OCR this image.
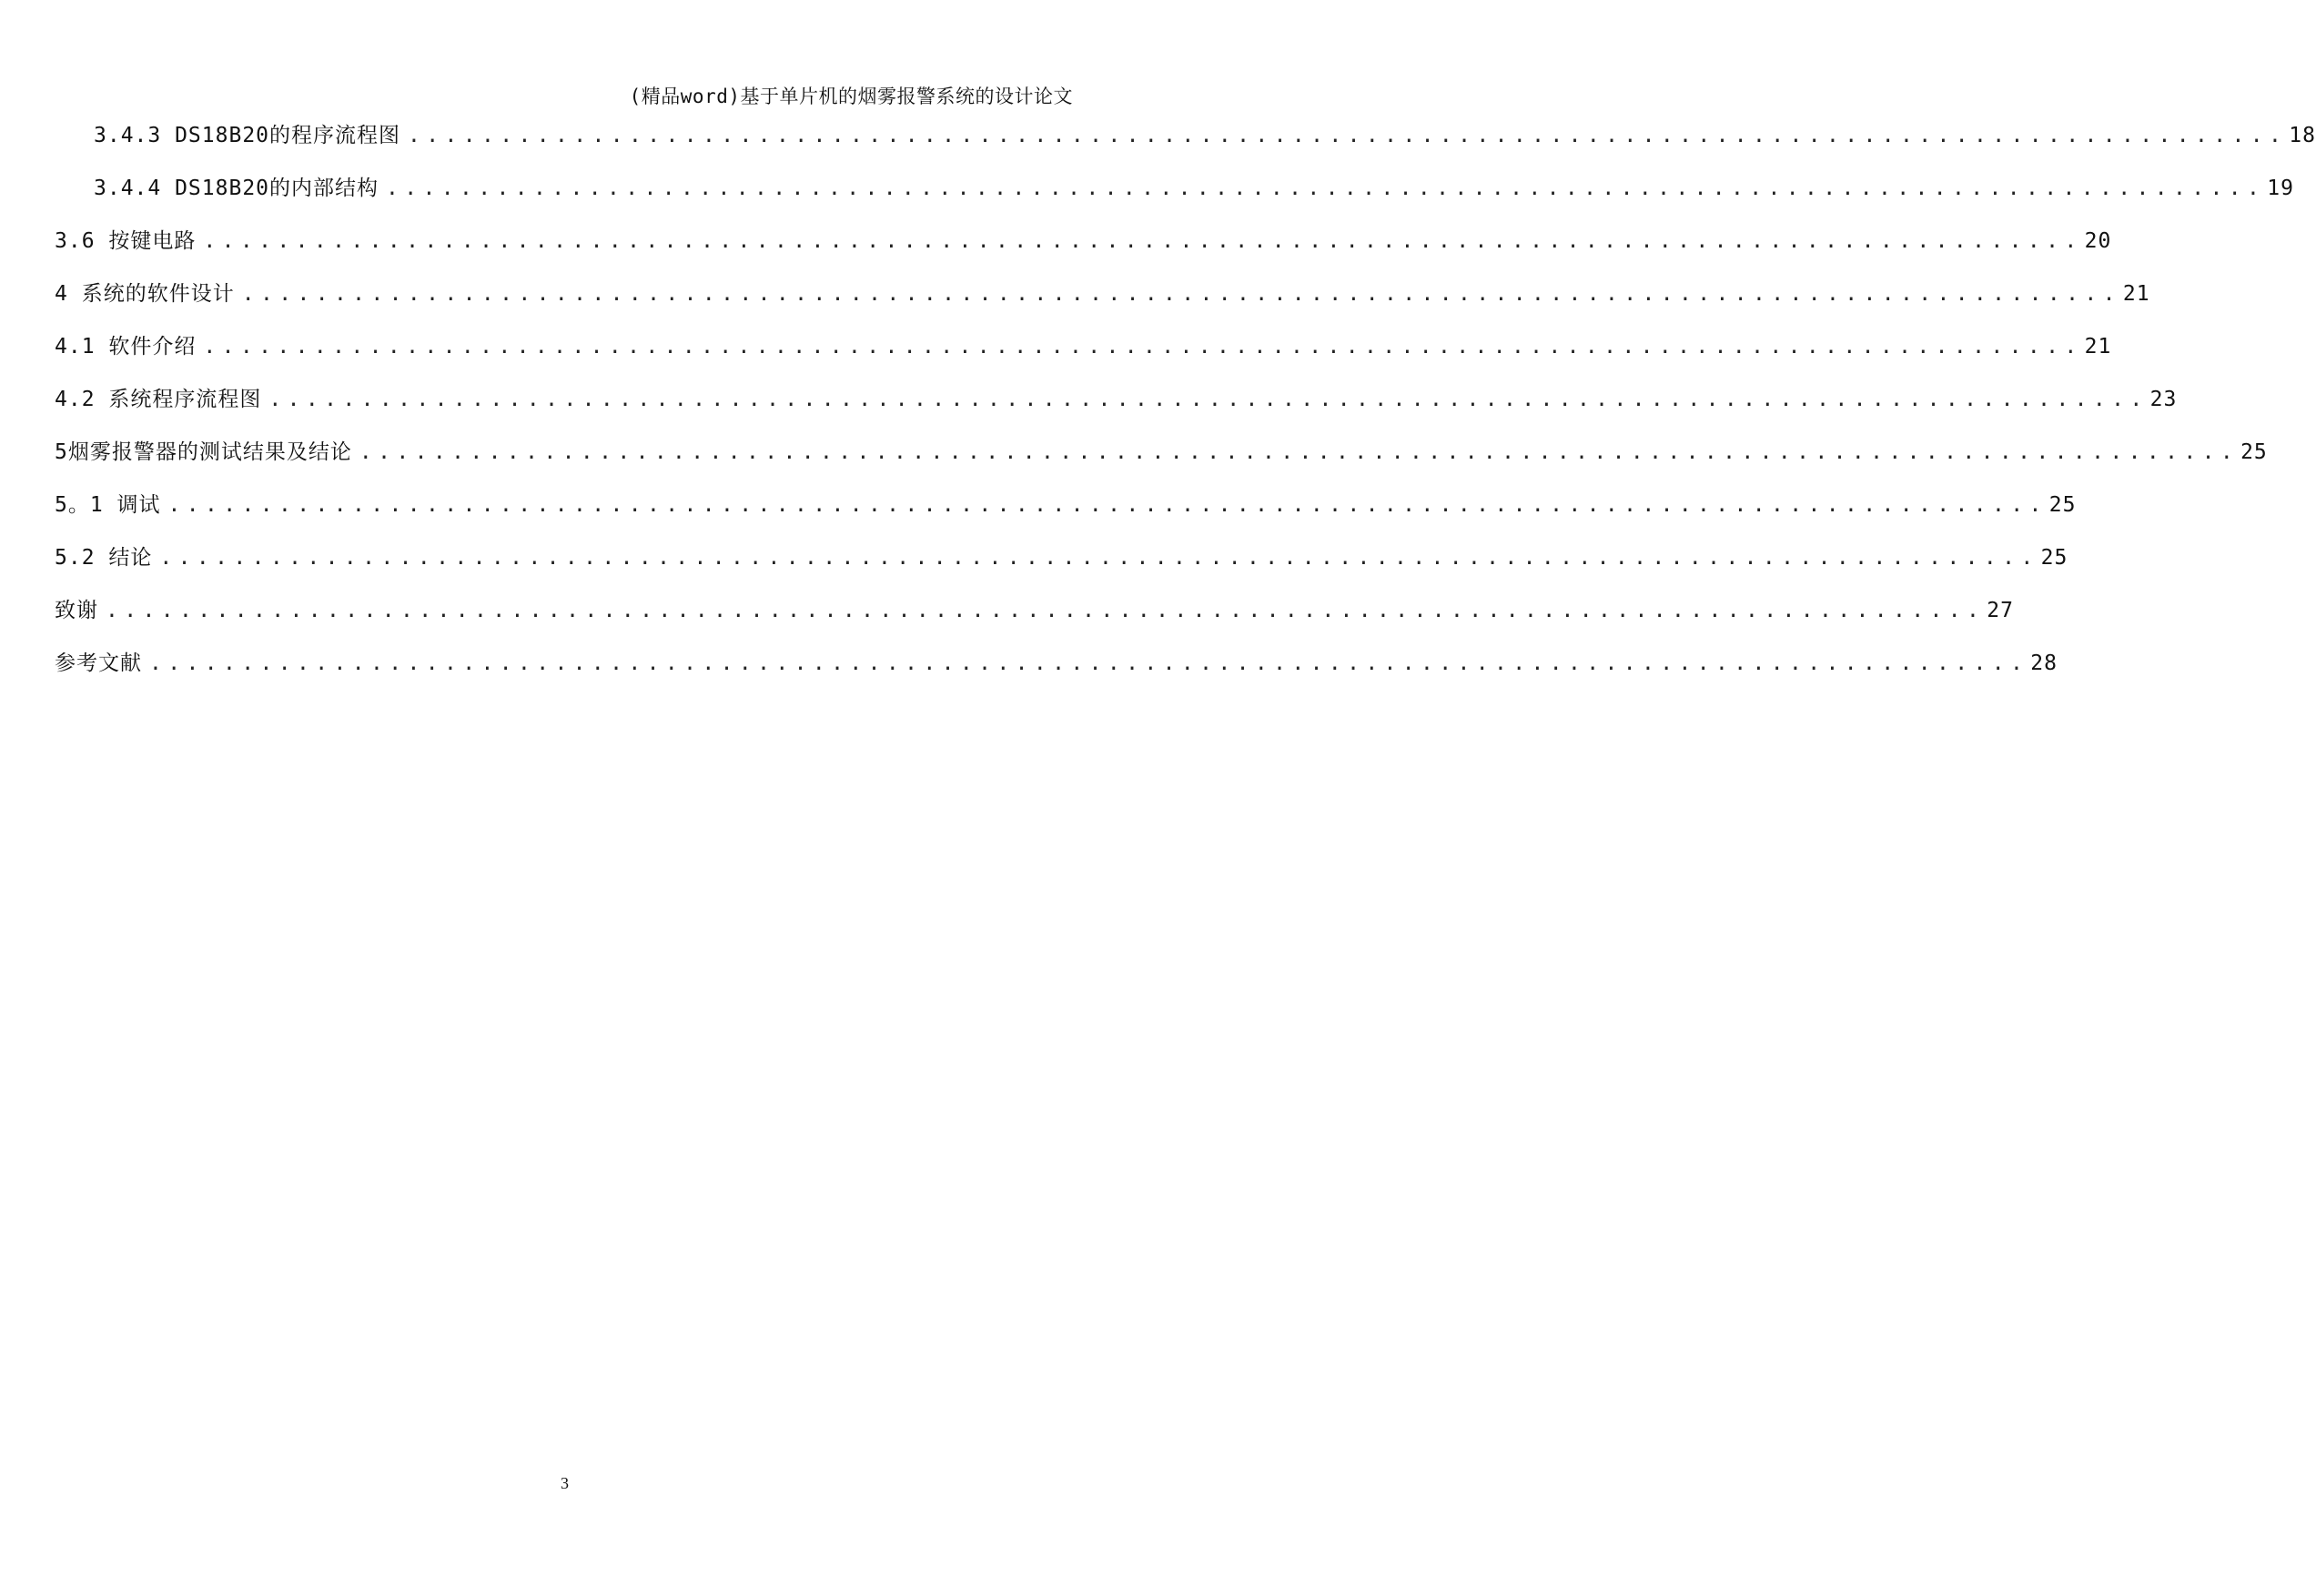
(精品word)基于单片机的烟雾报警系统的设计论文
3.4.3 DS18B20的程序流程图 ...................................................................................................... 18
3.4.4 DS18B20的内部结构 ...................................................................................................... 19
3.6 按键电路 ...................................................................................................... 20
4 系统的软件设计 ...................................................................................................... 21
4.1 软件介绍 ...................................................................................................... 21
4.2 系统程序流程图 ...................................................................................................... 23
5烟雾报警器的测试结果及结论 ...................................................................................................... 25
5。1 调试 ...................................................................................................... 25
5.2 结论 ...................................................................................................... 25
致谢 ...................................................................................................... 27
参考文献 ...................................................................................................... 28
3
